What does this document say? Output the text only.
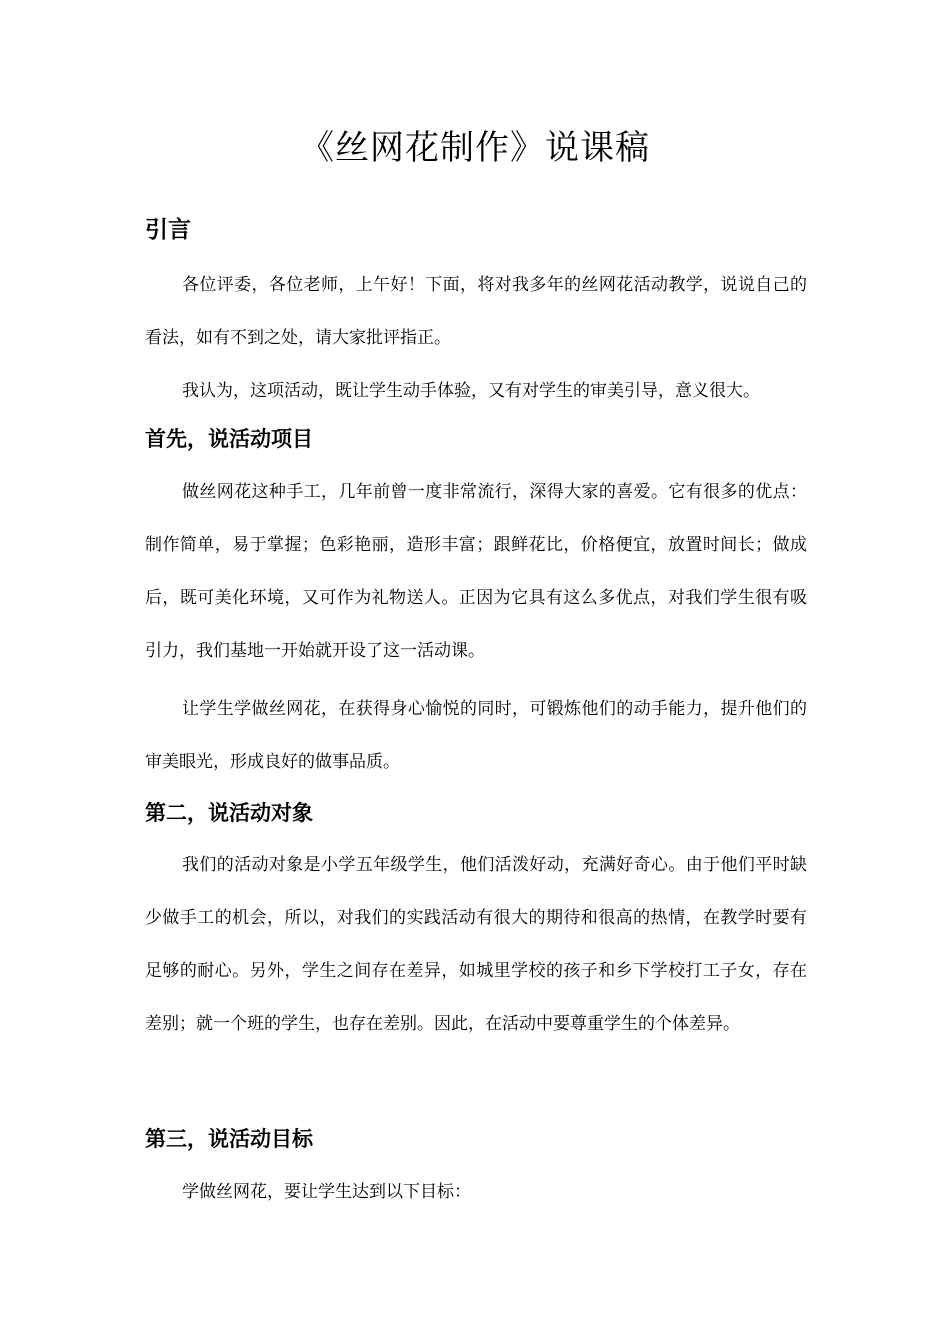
《丝网花制作》说课稿
引言
各位评委，各位老师，上午好！下面，将对我多年的丝网花活动教学，说说自己的看法，如有不到之处，请大家批评指正。
我认为，这项活动，既让学生动手体验，又有对学生的审美引导，意义很大。
首先，说活动项目
做丝网花这种手工，几年前曾一度非常流行，深得大家的喜爱。它有很多的优点：制作简单，易于掌握；色彩艳丽，造形丰富；跟鲜花比，价格便宜，放置时间长；做成后，既可美化环境，又可作为礼物送人。正因为它具有这么多优点，对我们学生很有吸引力，我们基地一开始就开设了这一活动课。
让学生学做丝网花，在获得身心愉悦的同时，可锻炼他们的动手能力，提升他们的审美眼光，形成良好的做事品质。
第二，说活动对象
我们的活动对象是小学五年级学生，他们活泼好动，充满好奇心。由于他们平时缺少做手工的机会，所以，对我们的实践活动有很大的期待和很高的热情，在教学时要有足够的耐心。另外，学生之间存在差异，如城里学校的孩子和乡下学校打工子女，存在差别；就一个班的学生，也存在差别。因此，在活动中要尊重学生的个体差异。
第三，说活动目标
学做丝网花，要让学生达到以下目标：
